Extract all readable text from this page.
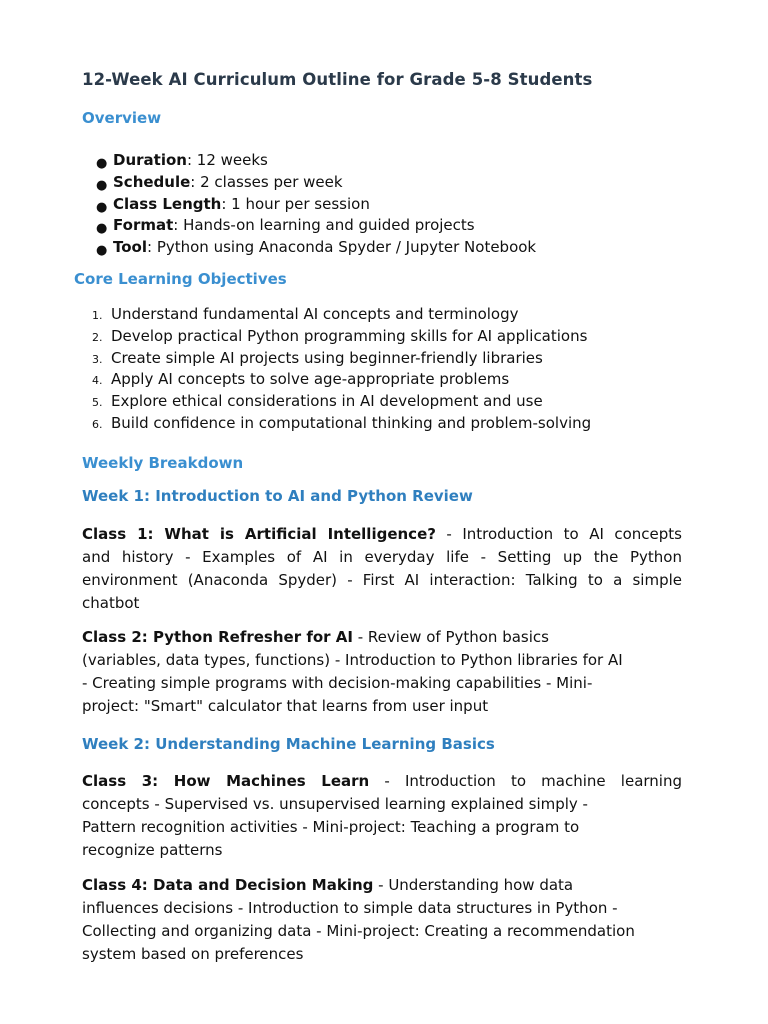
12-Week AI Curriculum Outline for Grade 5-8 Students
Overview
● Duration: 12 weeks
● Schedule: 2 classes per week
● Class Length: 1 hour per session
● Format: Hands-on learning and guided projects
● Tool: Python using Anaconda Spyder / Jupyter Notebook
Core Learning Objectives
1. Understand fundamental AI concepts and terminology
2. Develop practical Python programming skills for AI applications
3. Create simple AI projects using beginner-friendly libraries
4. Apply AI concepts to solve age-appropriate problems
5. Explore ethical considerations in AI development and use
6. Build confidence in computational thinking and problem-solving
Weekly Breakdown
Week 1: Introduction to AI and Python Review
Class 1: What is Artificial Intelligence? - Introduction to AI concepts
and history - Examples of AI in everyday life - Setting up the Python
environment (Anaconda Spyder) - First AI interaction: Talking to a simple
chatbot
Class 2: Python Refresher for AI - Review of Python basics
(variables, data types, functions) - Introduction to Python libraries for AI
- Creating simple programs with decision-making capabilities - Mini-
project: "Smart" calculator that learns from user input
Week 2: Understanding Machine Learning Basics
Class 3: How Machines Learn - Introduction to machine learning
concepts - Supervised vs. unsupervised learning explained simply -
Pattern recognition activities - Mini-project: Teaching a program to
recognize patterns
Class 4: Data and Decision Making - Understanding how data
influences decisions - Introduction to simple data structures in Python -
Collecting and organizing data - Mini-project: Creating a recommendation
system based on preferences
